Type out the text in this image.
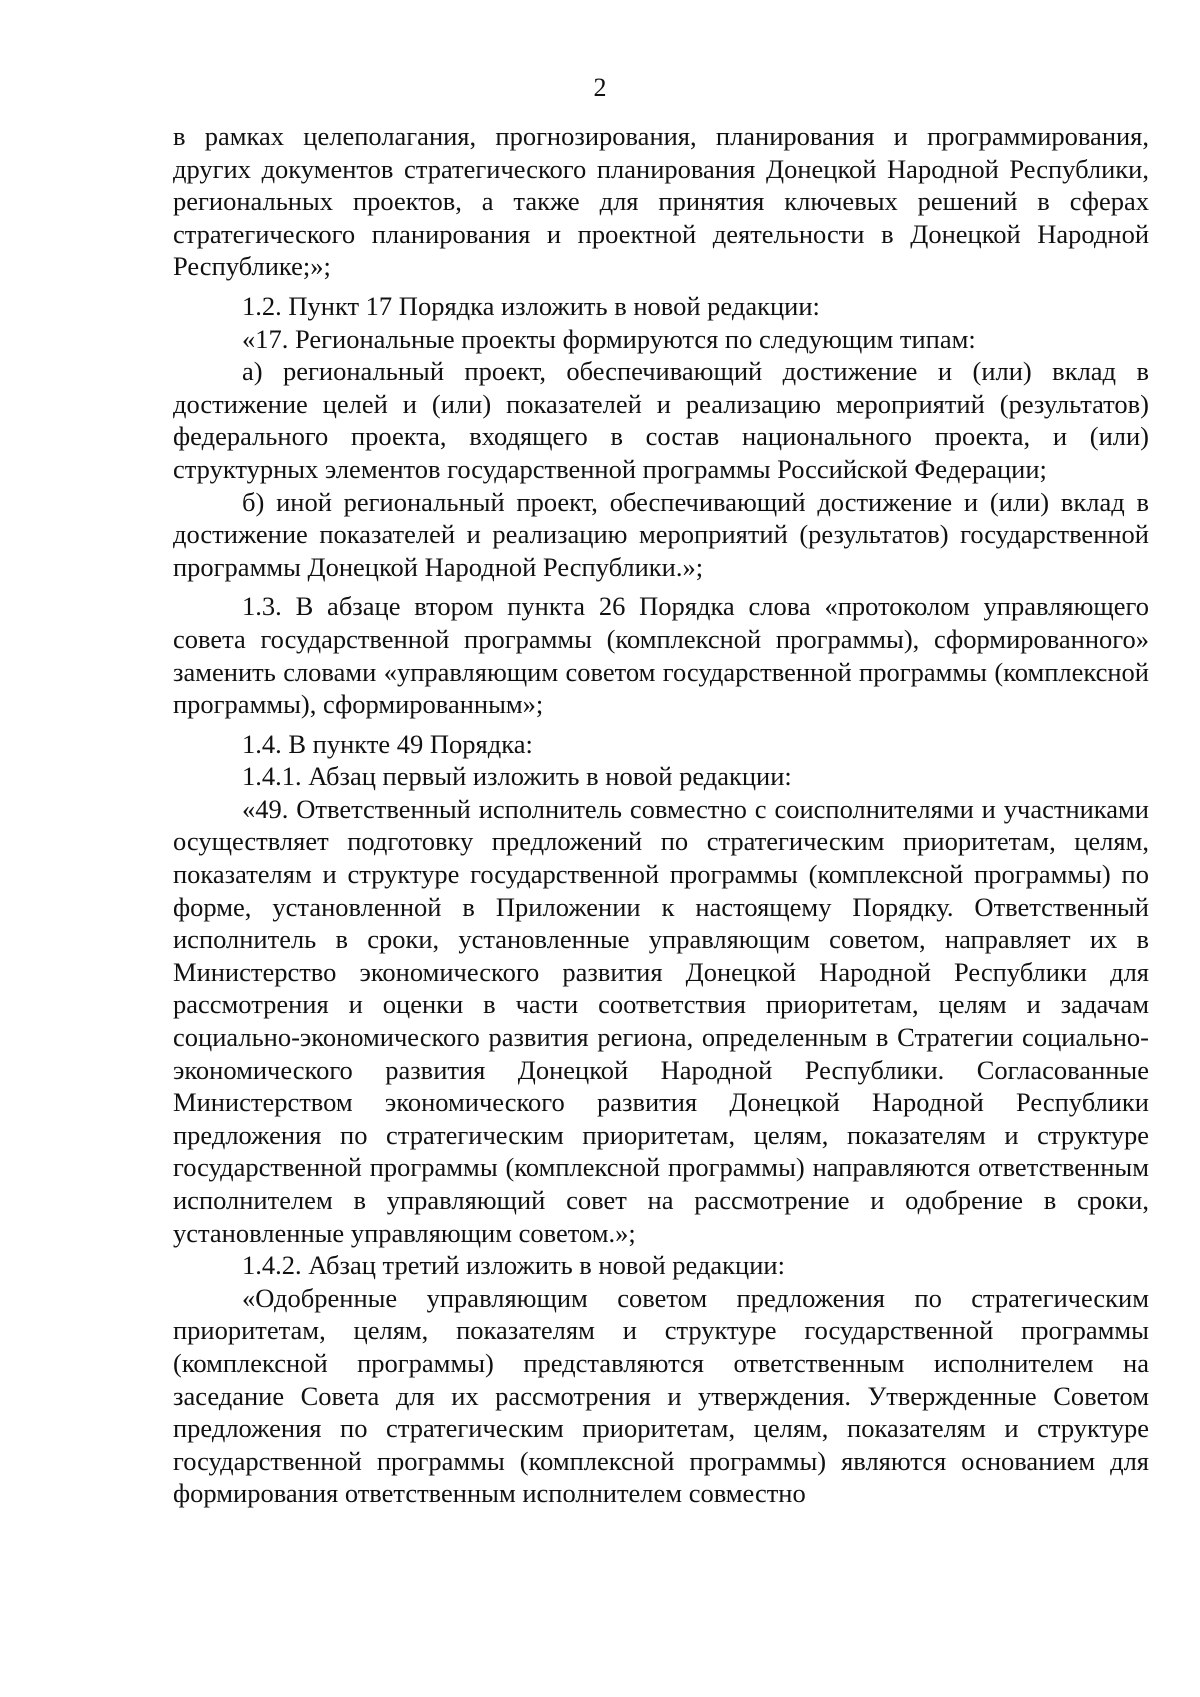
2

в рамках целеполагания, прогнозирования, планирования и программирования, других документов стратегического планирования Донецкой Народной Республики, региональных проектов, а также для принятия ключевых решений в сферах стратегического планирования и проектной деятельности в Донецкой Народной Республике;»;

1.2. Пункт 17 Порядка изложить в новой редакции:

«17. Региональные проекты формируются по следующим типам:

а) региональный проект, обеспечивающий достижение и (или) вклад в достижение целей и (или) показателей и реализацию мероприятий (результатов) федерального проекта, входящего в состав национального проекта, и (или) структурных элементов государственной программы Российской Федерации;

б) иной региональный проект, обеспечивающий достижение и (или) вклад в достижение показателей и реализацию мероприятий (результатов) государственной программы Донецкой Народной Республики.»;

1.3. В абзаце втором пункта 26 Порядка слова «протоколом управляющего совета государственной программы (комплексной программы), сформированного» заменить словами «управляющим советом государственной программы (комплексной программы), сформированным»;

1.4. В пункте 49 Порядка:

1.4.1. Абзац первый изложить в новой редакции:

«49. Ответственный исполнитель совместно с соисполнителями и участниками осуществляет подготовку предложений по стратегическим приоритетам, целям, показателям и структуре государственной программы (комплексной программы) по форме, установленной в Приложении к настоящему Порядку. Ответственный исполнитель в сроки, установленные управляющим советом, направляет их в Министерство экономического развития Донецкой Народной Республики для рассмотрения и оценки в части соответствия приоритетам, целям и задачам социально-экономического развития региона, определенным в Стратегии социально-экономического развития Донецкой Народной Республики. Согласованные Министерством экономического развития Донецкой Народной Республики предложения по стратегическим приоритетам, целям, показателям и структуре государственной программы (комплексной программы) направляются ответственным исполнителем в управляющий совет на рассмотрение и одобрение в сроки, установленные управляющим советом.»;

1.4.2. Абзац третий изложить в новой редакции:

«Одобренные управляющим советом предложения по стратегическим приоритетам, целям, показателям и структуре государственной программы (комплексной программы) представляются ответственным исполнителем на заседание Совета для их рассмотрения и утверждения. Утвержденные Советом предложения по стратегическим приоритетам, целям, показателям и структуре государственной программы (комплексной программы) являются основанием для формирования ответственным исполнителем совместно
